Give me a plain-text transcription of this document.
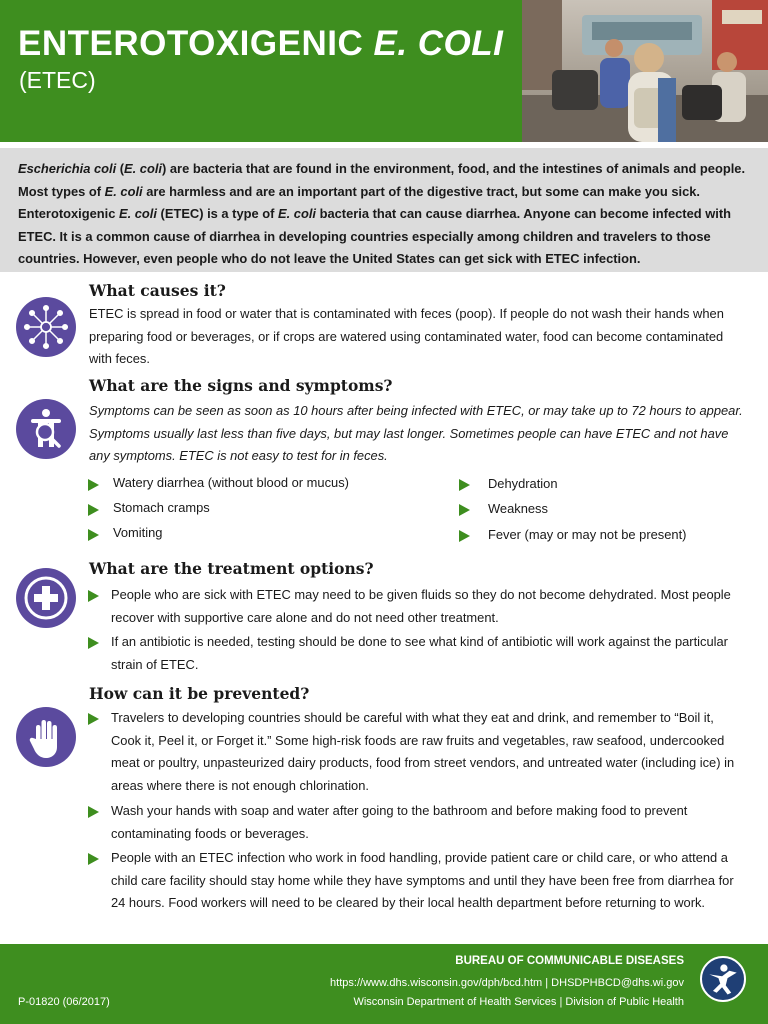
ENTEROTOXIGENIC E. COLI
(ETEC)
Escherichia coli (E. coli) are bacteria that are found in the environment, food, and the intestines of animals and people. Most types of E. coli are harmless and are an important part of the digestive tract, but some can make you sick. Enterotoxigenic E. coli (ETEC) is a type of E. coli bacteria that can cause diarrhea. Anyone can become infected with ETEC. It is a common cause of diarrhea in developing countries especially among children and travelers to those countries. However, even people who do not leave the United States can get sick with ETEC infection.
What causes it?
ETEC is spread in food or water that is contaminated with feces (poop). If people do not wash their hands when preparing food or beverages, or if crops are watered using contaminated water, food can become contaminated with feces.
What are the signs and symptoms?
Symptoms can be seen as soon as 10 hours after being infected with ETEC, or may take up to 72 hours to appear. Symptoms usually last less than five days, but may last longer. Sometimes people can have ETEC and not have any symptoms. ETEC is not easy to test for in feces.
Watery diarrhea (without blood or mucus)
Stomach cramps
Vomiting
Dehydration
Weakness
Fever (may or may not be present)
What are the treatment options?
People who are sick with ETEC may need to be given fluids so they do not become dehydrated. Most people recover with supportive care alone and do not need other treatment.
If an antibiotic is needed, testing should be done to see what kind of antibiotic will work against the particular strain of ETEC.
How can it be prevented?
Travelers to developing countries should be careful with what they eat and drink, and remember to “Boil it, Cook it, Peel it, or Forget it.” Some high-risk foods are raw fruits and vegetables, raw seafood, undercooked meat or poultry, unpasteurized dairy products, food from street vendors, and untreated water (including ice) in areas where there is not enough chlorination.
Wash your hands with soap and water after going to the bathroom and before making food to prevent contaminating foods or beverages.
People with an ETEC infection who work in food handling, provide patient care or child care, or who attend a child care facility should stay home while they have symptoms and until they have been free from diarrhea for 24 hours. Food workers will need to be cleared by their local health department before returning to work.
BUREAU OF COMMUNICABLE DISEASES
https://www.dhs.wisconsin.gov/dph/bcd.htm | DHSDPHBCD@dhs.wi.gov
Wisconsin Department of Health Services | Division of Public Health
P-01820 (06/2017)
